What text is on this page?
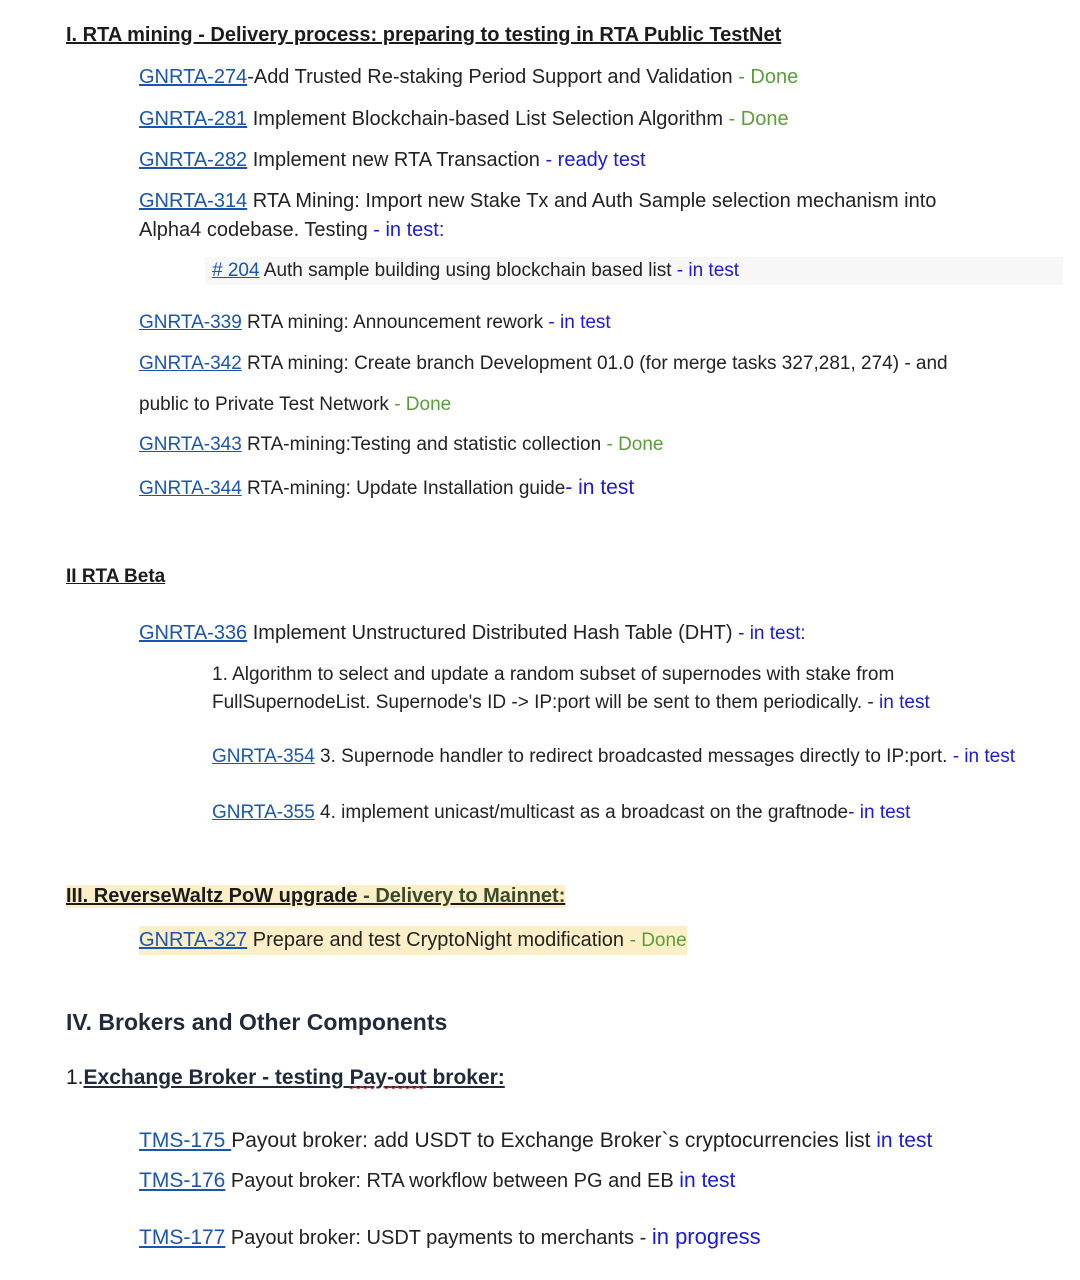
I. RTA mining - Delivery process: preparing to testing in RTA Public TestNet
GNRTA-274-Add Trusted Re-staking Period Support and Validation - Done
GNRTA-281 Implement Blockchain-based List Selection Algorithm - Done
GNRTA-282 Implement new RTA Transaction - ready test
GNRTA-314 RTA Mining: Import new Stake Tx and Auth Sample selection mechanism into
Alpha4 codebase. Testing - in test:
# 204 Auth sample building using blockchain based list - in test
GNRTA-339 RTA mining: Announcement rework - in test
GNRTA-342 RTA mining: Create branch Development 01.0 (for merge tasks 327,281, 274) - and
public to Private Test Network - Done
GNRTA-343 RTA-mining:Testing and statistic collection - Done
GNRTA-344 RTA-mining: Update Installation guide- in test
II RTA Beta
GNRTA-336 Implement Unstructured Distributed Hash Table (DHT) - in test:
1. Algorithm to select and update a random subset of supernodes with stake from FullSupernodeList. Supernode's ID -> IP:port will be sent to them periodically. - in test
GNRTA-354 3. Supernode handler to redirect broadcasted messages directly to IP:port. - in test
GNRTA-355 4. implement unicast/multicast as a broadcast on the graftnode- in test
III. ReverseWaltz PoW upgrade - Delivery to Mainnet:
GNRTA-327 Prepare and test CryptoNight modification - Done
IV. Brokers and Other Components
1.Exchange Broker - testing Pay-out broker:
TMS-175 Payout broker: add USDT to Exchange Broker`s cryptocurrencies list in test
TMS-176 Payout broker: RTA workflow between PG and EB in test
TMS-177 Payout broker: USDT payments to merchants - in progress
